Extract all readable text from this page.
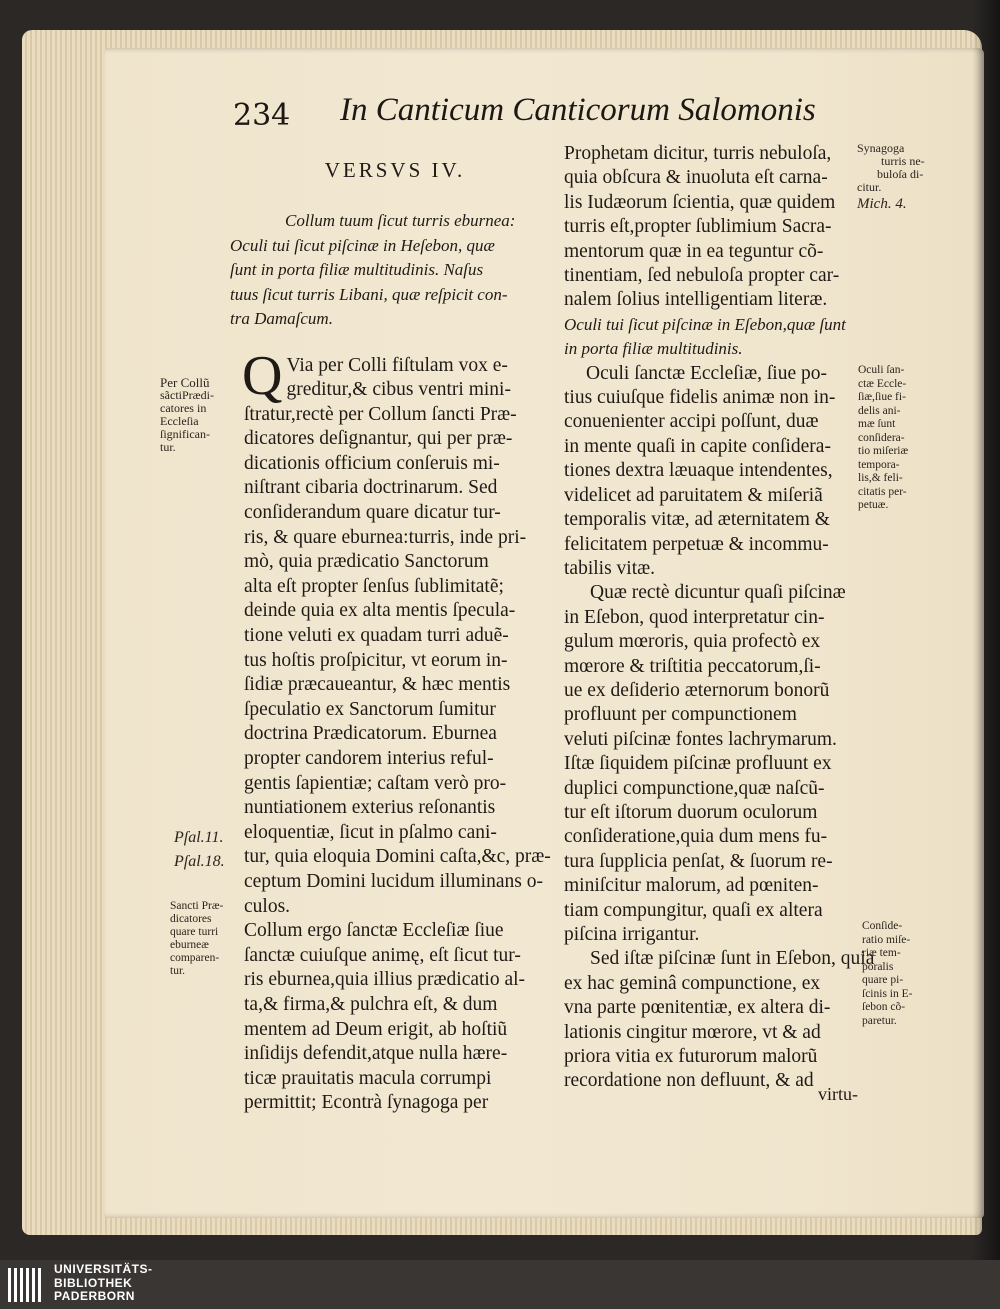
234 In Canticum Canticorum Salomonis
VERSVS IV.
Collum tuum ſicut turris eburnea:
Oculi tui ſicut piſcinæ in Heſebon, quæ
ſunt in porta filiæ multitudinis. Naſus
tuus ſicut turris Libani, quæ reſpicit con-
tra Damaſcum.
Q Via per Colli fiſtulam vox e-
greditur,& cibus ventri mini-
ſtratur,rectè per Collum ſancti Præ-
dicatores deſignantur, qui per præ-
dicationis officium conſeruis mi-
niſtrant cibaria doctrinarum. Sed
conſiderandum quare dicatur tur-
ris, & quare eburnea:turris, inde pri-
mò, quia prædicatio Sanctorum
alta eſt propter ſenſus ſublimitatẽ;
deinde quia ex alta mentis ſpecula-
tione veluti ex quadam turri aduẽ-
tus hoſtis proſpicitur, vt eorum in-
ſidiæ præcaueantur, & hæc mentis
ſpeculatio ex Sanctorum ſumitur
doctrina Prædicatorum. Eburnea
propter candorem interius reful-
gentis ſapientiæ; caſtam verò pro-
nuntiationem exterius reſonantis
eloquentiæ, ſicut in pſalmo cani-
tur, quia eloquia Domini caſta,&c, præ-
ceptum Domini lucidum illuminans o-
culos.
Collum ergo ſanctæ Eccleſiæ ſiue
ſanctæ cuiuſque animę, eſt ſicut tur-
ris eburnea,quia illius prædicatio al-
ta,& firma,& pulchra eſt, & dum
mentem ad Deum erigit, ab hoſtiũ
inſidijs defendit,atque nulla hære-
ticæ prauitatis macula corrumpi
permittit; Econtrà ſynagoga per
Prophetam dicitur, turris nebuloſa,
quia obſcura & inuoluta eſt carna-
lis Iudæorum ſcientia, quæ quidem
turris eſt,propter ſublimium Sacra-
mentorum quæ in ea teguntur cõ-
tinentiam, ſed nebuloſa propter car-
nalem ſolius intelligentiam literæ.
Oculi tui ſicut piſcinæ in Eſebon,quæ ſunt
in porta filiæ multitudinis.
Oculi ſanctæ Eccleſiæ, ſiue po-
tius cuiuſque fidelis animæ non in-
conuenienter accipi poſſunt, duæ
in mente quaſi in capite conſidera-
tiones dextra læuaque intendentes,
videlicet ad paruitatem & miſeriã
temporalis vitæ, ad æternitatem &
felicitatem perpetuæ & incommu-
tabilis vitæ.
Quæ rectè dicuntur quaſi piſcinæ
in Eſebon, quod interpretatur cin-
gulum mœroris, quia profectò ex
mœrore & triſtitia peccatorum,ſi-
ue ex deſiderio æternorum bonorũ
profluunt per compunctionem
veluti piſcinæ fontes lachrymarum.
Iſtæ ſiquidem piſcinæ profluunt ex
duplici compunctione,quæ naſcũ-
tur eſt iſtorum duorum oculorum
conſideratione,quia dum mens fu-
tura ſupplicia penſat, & ſuorum re-
miniſcitur malorum, ad pœniten-
tiam compungitur, quaſi ex altera
piſcina irrigantur.
Sed iſtæ piſcinæ ſunt in Eſebon, quia
ex hac geminâ compunctione, ex
vna parte pœnitentiæ, ex altera di-
lationis cingitur mœrore, vt & ad
priora vitia ex futurorum malorũ
recordatione non defluunt, & ad
virtu-
Per Collũ
sãctiPrædi-
catores in
Eccleſia
ſignifican-
tur.
Pſal.11.
Pſal.18.
Sancti Præ-
dicatores
quare turri
eburneæ
comparen-
tur.
Synagoga
turris ne-
buloſa di-
citur.
Mich. 4.
Oculi ſan-
ctæ Eccle-
ſiæ,ſiue fi-
delis ani-
mæ ſunt
conſidera-
tio miſeriæ
tempora-
lis,& feli-
citatis per-
petuæ.
Conſide-
ratio miſe-
riæ tem-
poralis
quare pi-
ſcinis in E-
ſebon cõ-
paretur.
UNIVERSITÄTS-
BIBLIOTHEK
PADERBORN
